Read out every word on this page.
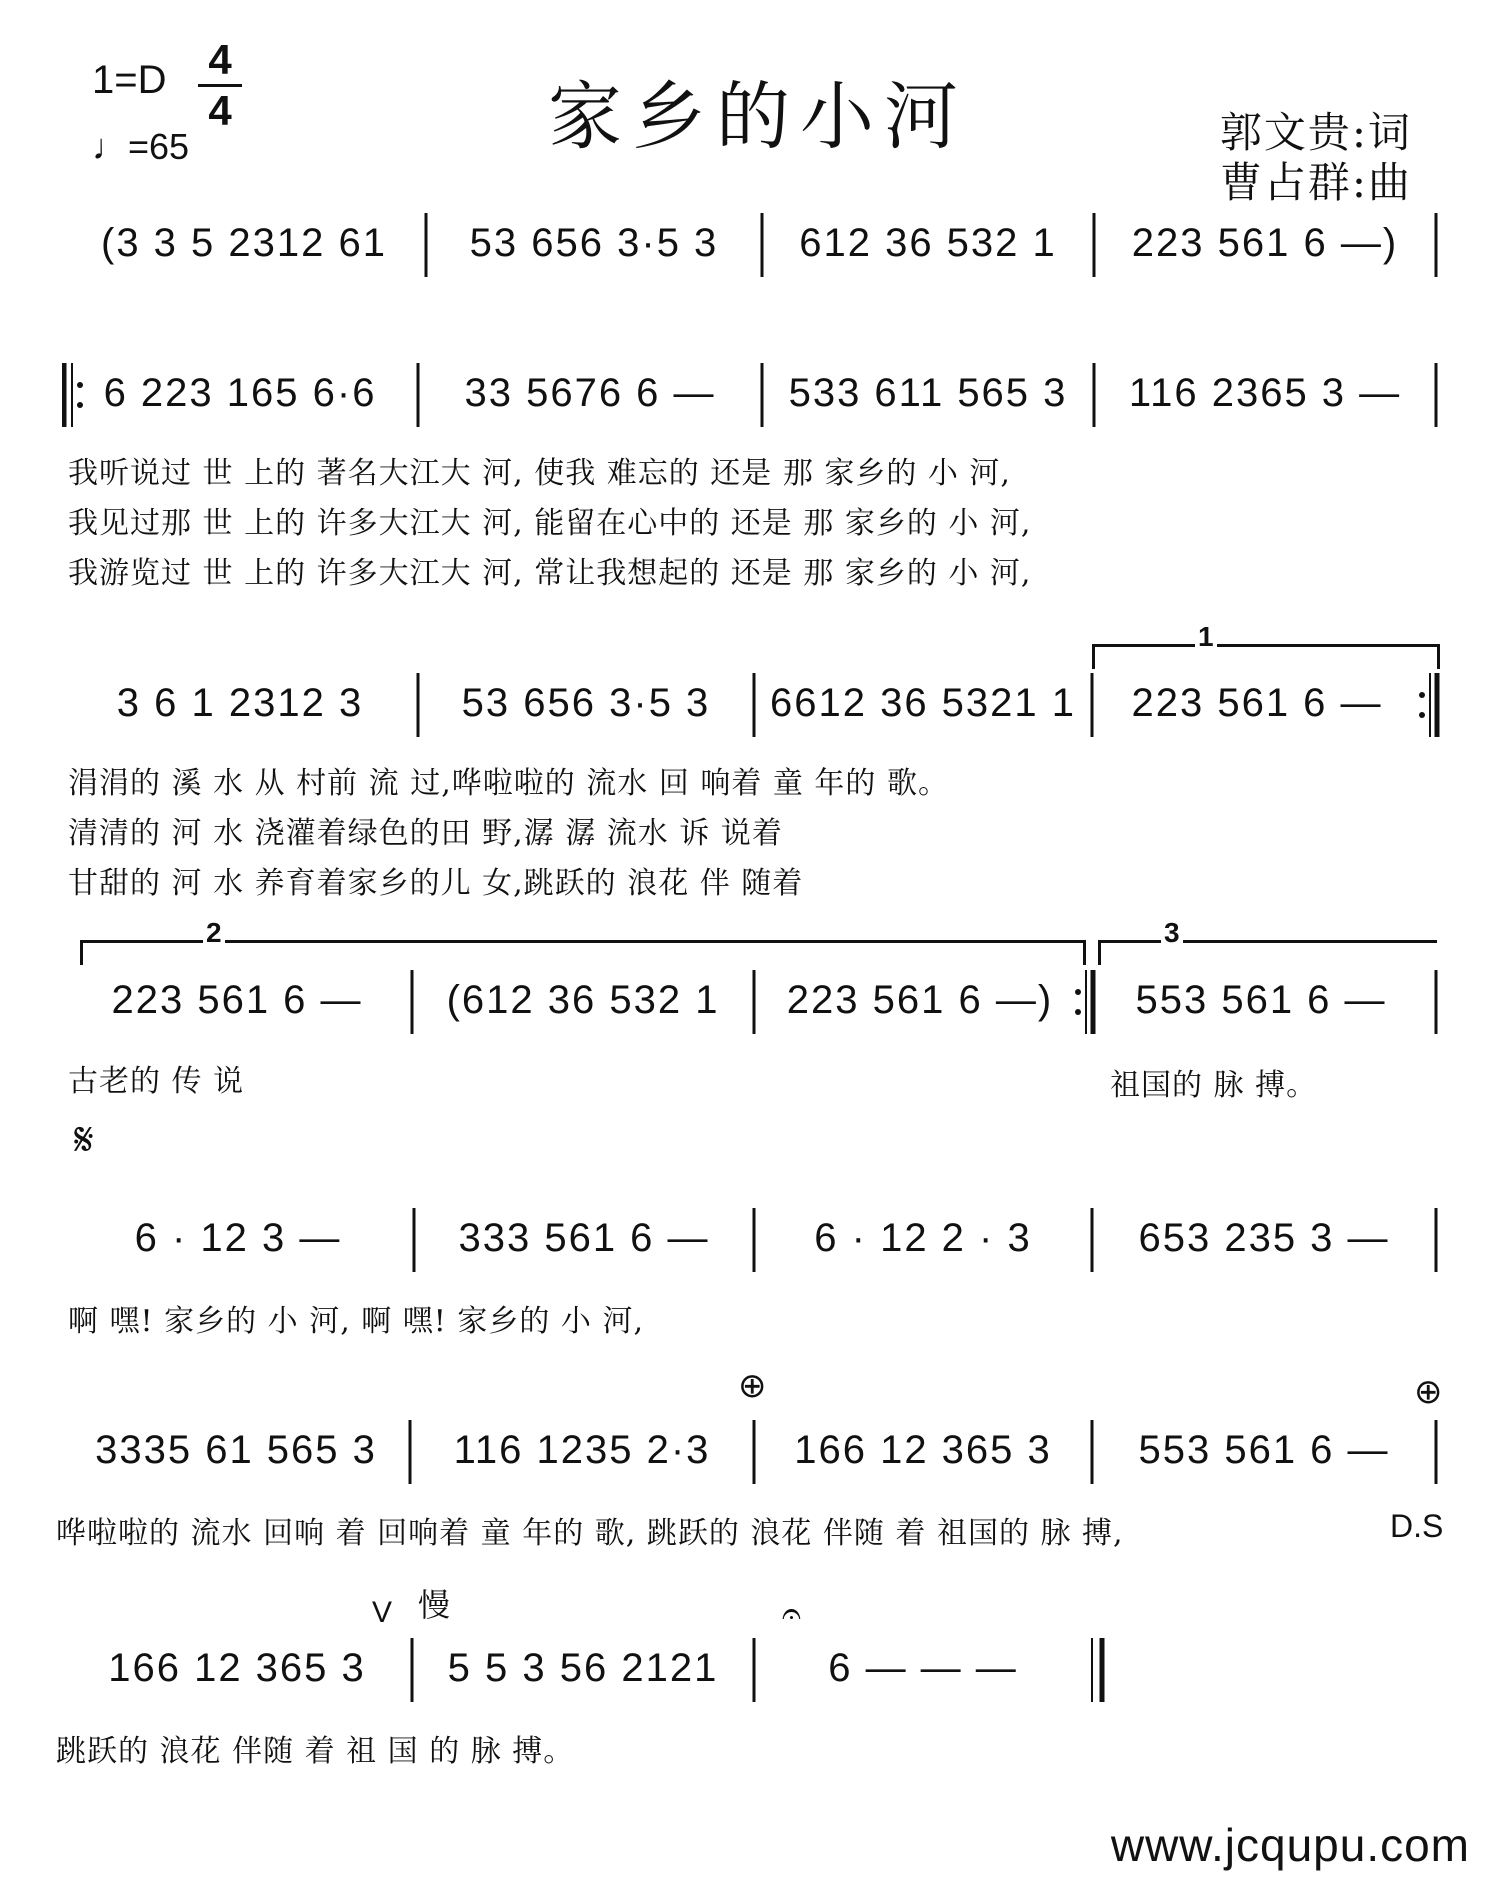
1=D 4
4
♩=65	家乡的小河	郭文贵:词
曹占群:曲
(3 3 5 2312 61	53 656 3·5 3	612 36 532 1	223 561 6 —)
6 223 165 6·6	33 5676 6 —	533 611 565 3	116 2365 3 —
我听说过 世 上的 著名大江大 河, 使我 难忘的 还是 那 家乡的 小 河,
我见过那 世 上的 许多大江大 河, 能留在心中的 还是 那 家乡的 小 河,
我游览过 世 上的 许多大江大 河, 常让我想起的 还是 那 家乡的 小 河,
1
3 6 1 2312 3	53 656 3·5 3	6612 36 5321 1	223 561 6 —
涓涓的 溪 水 从 村前 流 过,哗啦啦的 流水 回 响着 童 年的 歌。
清清的 河 水 浇灌着绿色的田 野,潺 潺 流水 诉 说着
甘甜的 河 水 养育着家乡的儿 女,跳跃的 浪花 伴 随着
2	3
223 561 6 —	(612 36 532 1	223 561 6 —)	553 561 6 —
古老的 传 说	祖国的 脉 搏。
𝄋
6 · 12 3 —	333 561 6 —	6 · 12 2 · 3	653 235 3 —
啊 嘿! 家乡的 小 河, 啊 嘿! 家乡的 小 河,
⊕	⊕
3335 61 565 3	116 1235 2·3	166 12 365 3	553 561 6 —
哗啦啦的 流水 回响 着 回响着 童 年的 歌, 跳跃的 浪花 伴随 着 祖国的 脉 搏,	D.S
V 慢	𝄐
166 12 365 3	5 5 3 56 2121	6 — — —
跳跃的 浪花 伴随 着 祖 国 的 脉 搏。
www.jcqupu.com
